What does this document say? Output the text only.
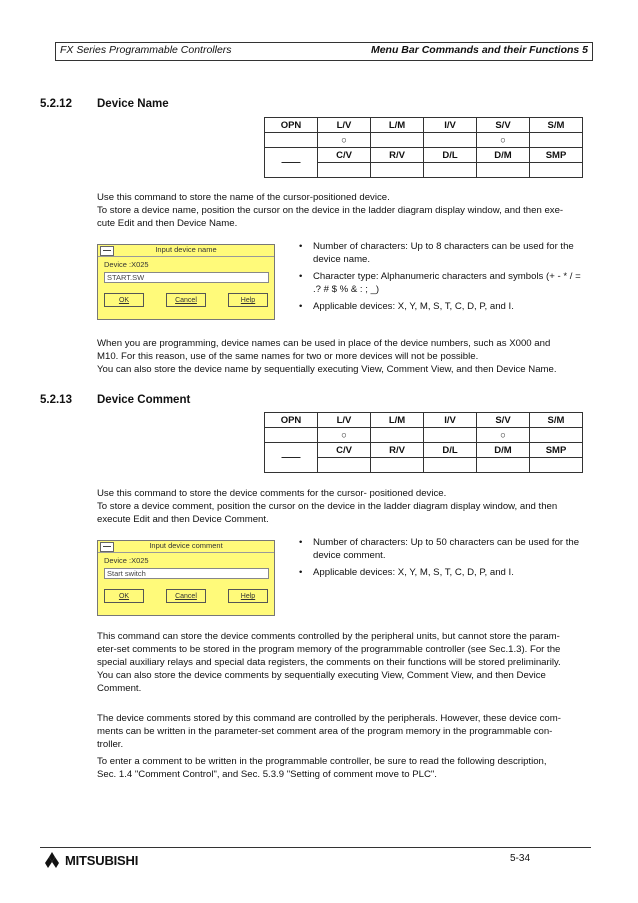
FX Series Programmable Controllers	Menu Bar Commands and their Functions 5
5.2.12 Device Name
OPN	L/V	L/M	I/V	S/V	S/M
	○			○	
——	C/V	R/V	D/L	D/M	SMP

Use this command to store the name of the cursor-positioned device.
To store a device name, position the cursor on the device in the ladder diagram display window, and then exe-
cute Edit and then Device Name.

Input device name
Device :X025
START.SW
OK	Cancel	Help
• Number of characters: Up to 8 characters can be used for the device name.
• Character type: Alphanumeric characters and symbols (+ - * / = .? # $ % & : ; _)
• Applicable devices: X, Y, M, S, T, C, D, P, and I.

When you are programming, device names can be used in place of the device numbers, such as X000 and
M10. For this reason, use of the same names for two or more devices will not be possible.
You can also store the device name by sequentially executing View, Comment View, and then Device Name.

5.2.13 Device Comment
OPN	L/V	L/M	I/V	S/V	S/M
	○			○	
——	C/V	R/V	D/L	D/M	SMP

Use this command to store the device comments for the cursor- positioned device.
To store a device comment, position the cursor on the device in the ladder diagram display window, and then
execute Edit and then Device Comment.

Input device comment
Device :X025
Start switch
OK	Cancel	Help
• Number of characters: Up to 50 characters can be used for the device comment.
• Applicable devices: X, Y, M, S, T, C, D, P, and I.

This command can store the device comments controlled by the peripheral units, but cannot store the param-
eter-set comments to be stored in the program memory of the programmable controller (see Sec.1.3). For the
special auxiliary relays and special data registers, the comments on their functions will be stored preliminarily.
You can also store the device comments by sequentially executing View, Comment View, and then Device
Comment.

The device comments stored by this command are controlled by the peripherals. However, these device com-
ments can be written in the parameter-set comment area of the program memory in the programmable con-
troller.

To enter a comment to be written in the programmable controller, be sure to read the following description,
Sec. 1.4 "Comment Control", and Sec. 5.3.9 "Setting of comment move to PLC".

MITSUBISHI	5-34
